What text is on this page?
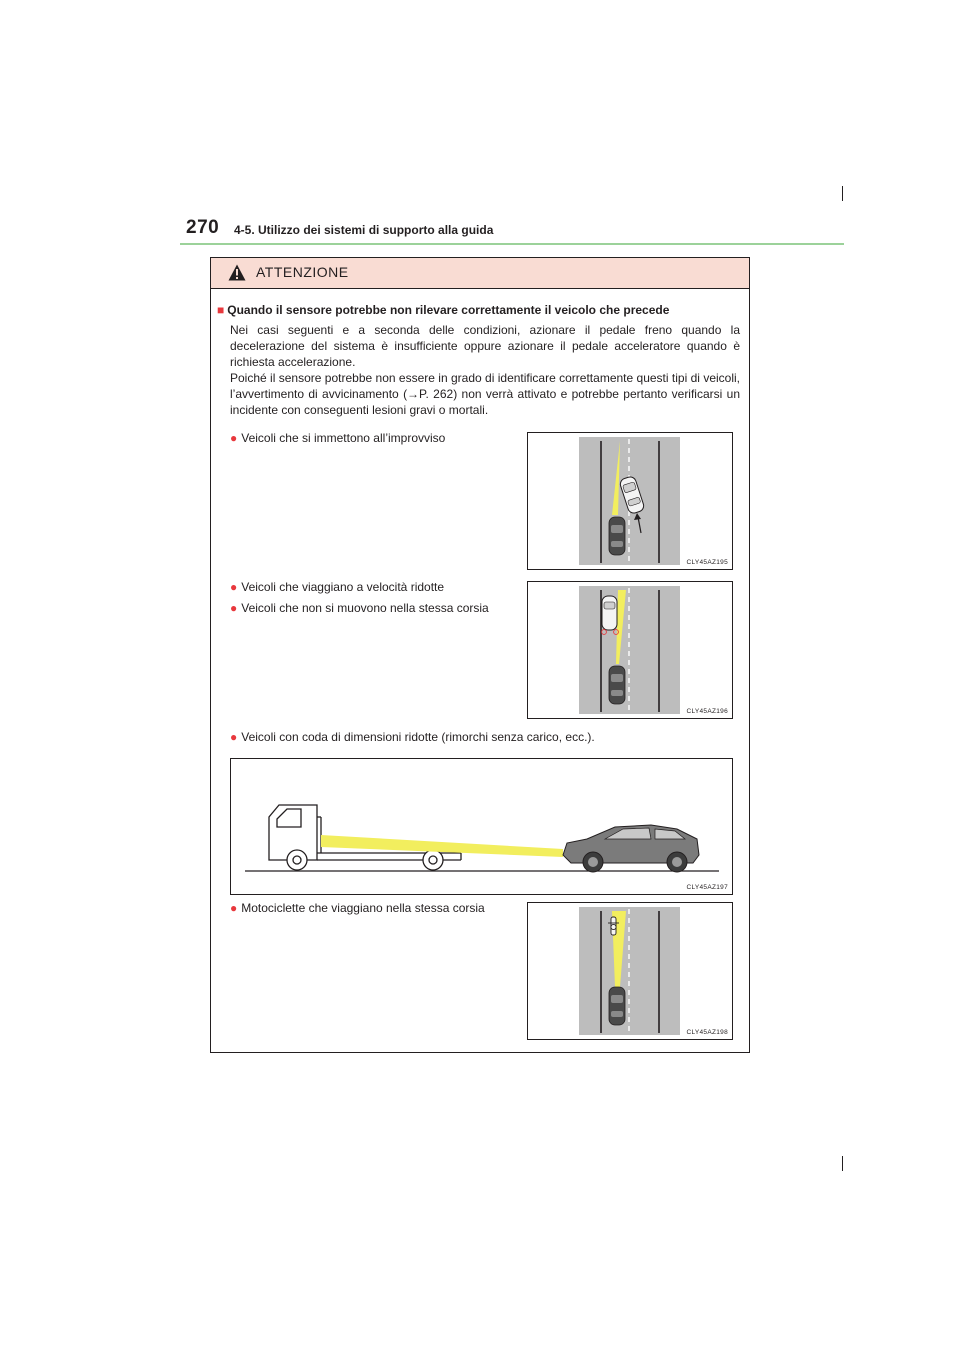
270 4-5. Utilizzo dei sistemi di supporto alla guida
ATTENZIONE
■ Quando il sensore potrebbe non rilevare correttamente il veicolo che precede

Nei casi seguenti e a seconda delle condizioni, azionare il pedale freno quando la decelerazione del sistema è insufficiente oppure azionare il pedale acceleratore quando è richiesta accelerazione.

Poiché il sensore potrebbe non essere in grado di identificare correttamente questi tipi di veicoli, l’avvertimento di avvicinamento (→P. 262) non verrà attivato e potrebbe pertanto verificarsi un incidente con conseguenti lesioni gravi o mortali.

● Veicoli che si immettono all’improvviso
● Veicoli che viaggiano a velocità ridotte
● Veicoli che non si muovono nella stessa corsia
● Veicoli con coda di dimensioni ridotte (rimorchi senza carico, ecc.).
● Motociclette che viaggiano nella stessa corsia
CLY45AZ195
CLY45AZ196
CLY45AZ197
CLY45AZ198
